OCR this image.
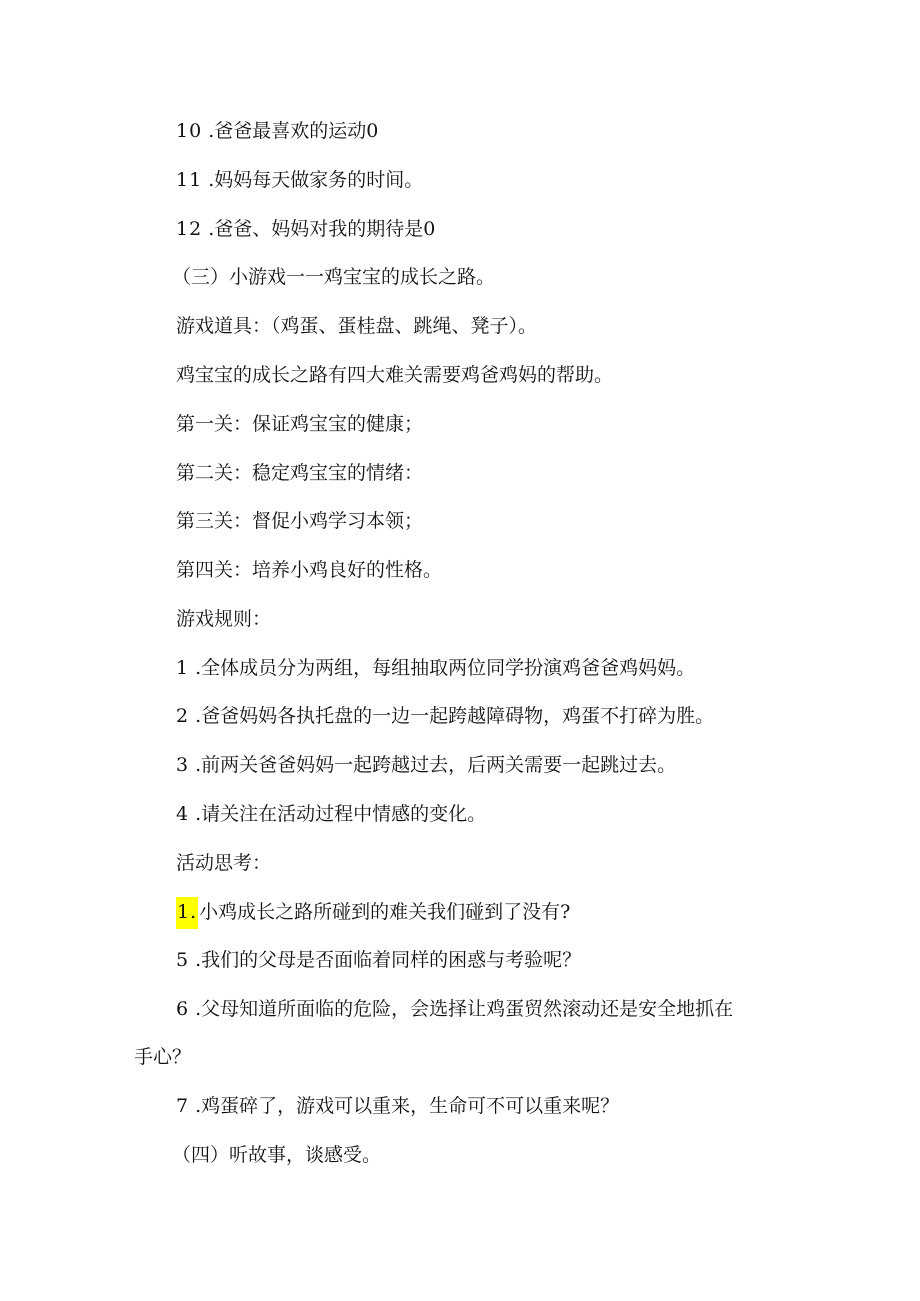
10 .爸爸最喜欢的运动0
11 .妈妈每天做家务的时间。
12 .爸爸、妈妈对我的期待是0
（三）小游戏一一鸡宝宝的成长之路。
游戏道具：（鸡蛋、蛋桂盘、跳绳、凳子）。
鸡宝宝的成长之路有四大难关需要鸡爸鸡妈的帮助。
第一关：保证鸡宝宝的健康；
第二关：稳定鸡宝宝的情绪：
第三关：督促小鸡学习本领；
第四关：培养小鸡良好的性格。
游戏规则：
1 .全体成员分为两组，每组抽取两位同学扮演鸡爸爸鸡妈妈。
2 .爸爸妈妈各执托盘的一边一起跨越障碍物，鸡蛋不打碎为胜。
3 .前两关爸爸妈妈一起跨越过去，后两关需要一起跳过去。
4 .请关注在活动过程中情感的变化。
活动思考：
1. 小鸡成长之路所碰到的难关我们碰到了没有?
5 .我们的父母是否面临着同样的困惑与考验呢？
6 .父母知道所面临的危险，会选择让鸡蛋贸然滚动还是安全地抓在
手心？
7 .鸡蛋碎了，游戏可以重来，生命可不可以重来呢？
（四）听故事，谈感受。
